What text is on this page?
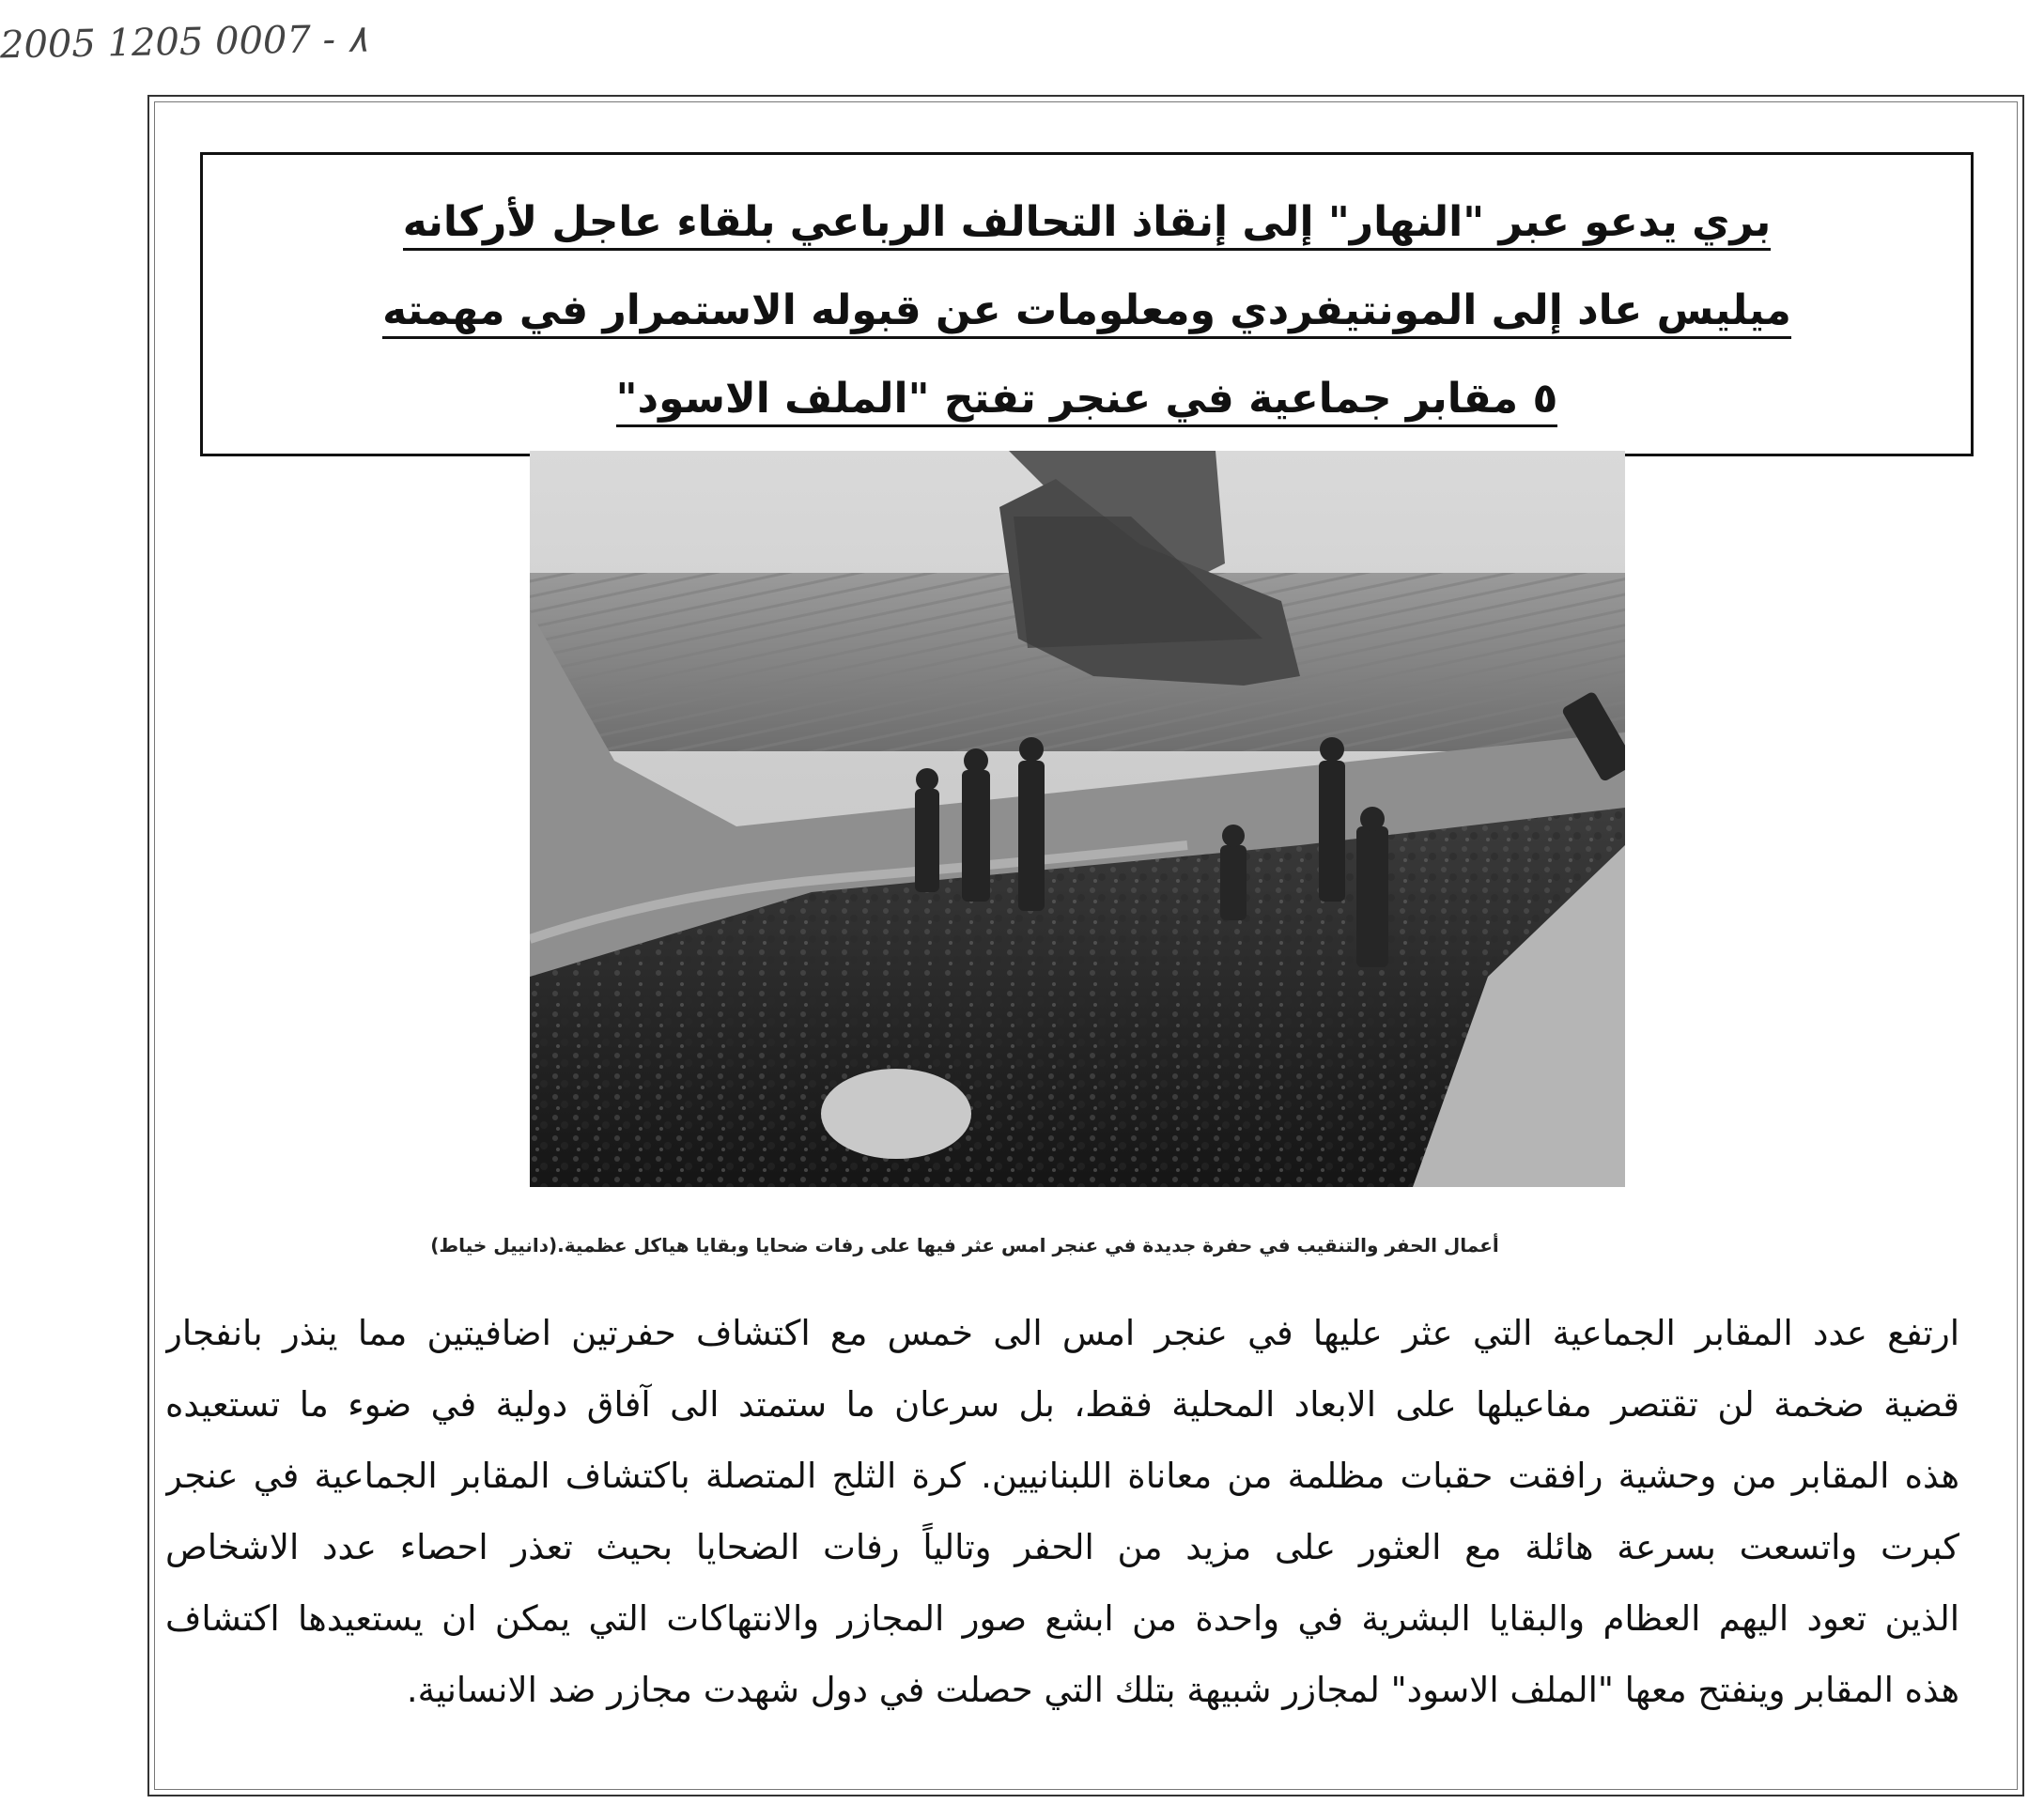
2005 1205 0007 - ٨
بري يدعو عبر "النهار" إلى إنقاذ التحالف الرباعي بلقاء عاجل لأركانه
ميليس عاد إلى المونتيفردي ومعلومات عن قبوله الاستمرار في مهمته
٥ مقابر جماعية في عنجر تفتح "الملف الاسود"
أعمال الحفر والتنقيب في حفرة جديدة في عنجر امس عثر فيها على رفات ضحايا وبقايا هياكل عظمية.(دانييل خياط)

ارتفع عدد المقابر الجماعية التي عثر عليها في عنجر امس الى خمس مع اكتشاف حفرتين اضافيتين مما ينذر بانفجار

قضية ضخمة لن تقتصر مفاعيلها على الابعاد المحلية فقط، بل سرعان ما ستمتد الى آفاق دولية في ضوء ما تستعيده

هذه المقابر من وحشية رافقت حقبات مظلمة من معاناة اللبنانيين. كرة الثلج المتصلة باكتشاف المقابر الجماعية في عنجر

كبرت واتسعت بسرعة هائلة مع العثور على مزيد من الحفر وتالياً رفات الضحايا بحيث تعذر احصاء عدد الاشخاص

الذين تعود اليهم العظام والبقايا البشرية في واحدة من ابشع صور المجازر والانتهاكات التي يمكن ان يستعيدها اكتشاف

هذه المقابر وينفتح معها "الملف الاسود" لمجازر شبيهة بتلك التي حصلت في دول شهدت مجازر ضد الانسانية.
